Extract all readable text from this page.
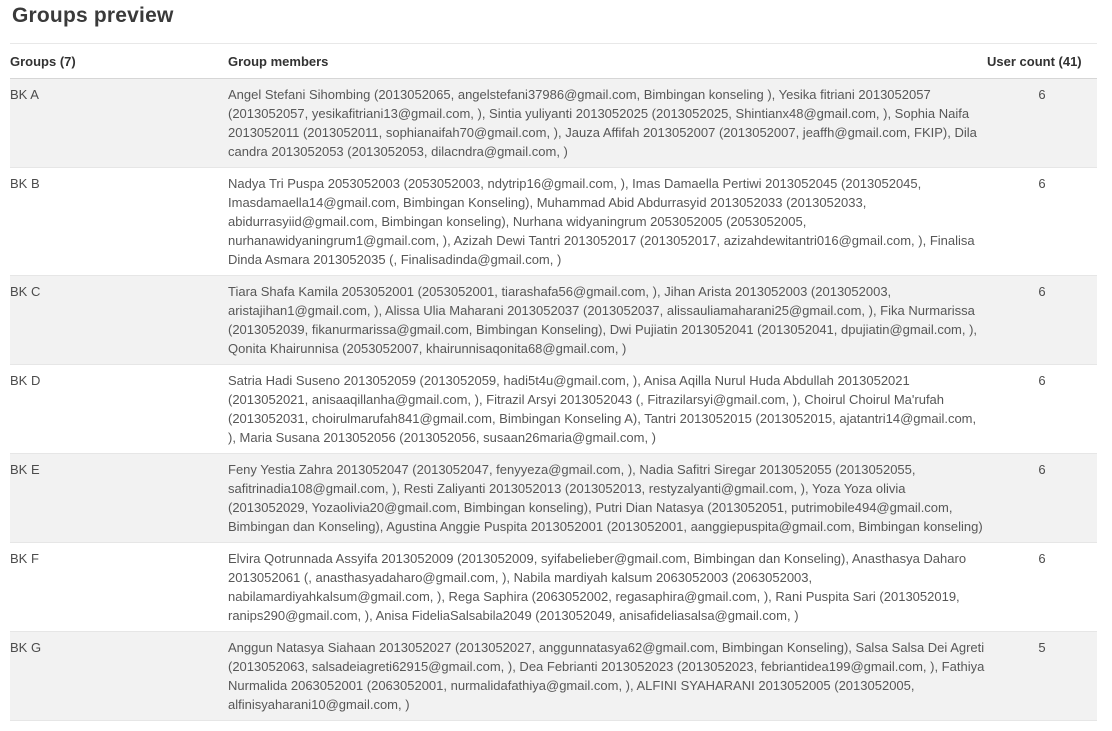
Groups preview
Groups (7)	Group members	User count (41)
BK A	Angel Stefani Sihombing (2013052065, angelstefani37986@gmail.com, Bimbingan konseling ), Yesika fitriani 2013052057 (2013052057, yesikafitriani13@gmail.com, ), Sintia yuliyanti 2013052025 (2013052025, Shintianx48@gmail.com, ), Sophia Naifa 2013052011 (2013052011, sophianaifah70@gmail.com, ), Jauza Affifah 2013052007 (2013052007, jeaffh@gmail.com, FKIP), Dila candra 2013052053 (2013052053, dilacndra@gmail.com, )	6
BK B	Nadya Tri Puspa 2053052003 (2053052003, ndytrip16@gmail.com, ), Imas Damaella Pertiwi 2013052045 (2013052045, Imasdamaella14@gmail.com, Bimbingan Konseling), Muhammad Abid Abdurrasyid 2013052033 (2013052033, abidurrasyiid@gmail.com, Bimbingan konseling), Nurhana widyaningrum 2053052005 (2053052005, nurhanawidyaningrum1@gmail.com, ), Azizah Dewi Tantri 2013052017 (2013052017, azizahdewitantri016@gmail.com, ), Finalisa Dinda Asmara 2013052035 (, Finalisadinda@gmail.com, )	6
BK C	Tiara Shafa Kamila 2053052001 (2053052001, tiarashafa56@gmail.com, ), Jihan Arista 2013052003 (2013052003, aristajihan1@gmail.com, ), Alissa Ulia Maharani 2013052037 (2013052037, alissauliamaharani25@gmail.com, ), Fika Nurmarissa (2013052039, fikanurmarissa@gmail.com, Bimbingan Konseling), Dwi Pujiatin 2013052041 (2013052041, dpujiatin@gmail.com, ), Qonita Khairunnisa (2053052007, khairunnisaqonita68@gmail.com, )	6
BK D	Satria Hadi Suseno 2013052059 (2013052059, hadi5t4u@gmail.com, ), Anisa Aqilla Nurul Huda Abdullah 2013052021 (2013052021, anisaaqillanha@gmail.com, ), Fitrazil Arsyi 2013052043 (, Fitrazilarsyi@gmail.com, ), Choirul Choirul Ma'rufah (2013052031, choirulmarufah841@gmail.com, Bimbingan Konseling A), Tantri 2013052015 (2013052015, ajatantri14@gmail.com, ), Maria Susana 2013052056 (2013052056, susaan26maria@gmail.com, )	6
BK E	Feny Yestia Zahra 2013052047 (2013052047, fenyyeza@gmail.com, ), Nadia Safitri Siregar 2013052055 (2013052055, safitrinadia108@gmail.com, ), Resti Zaliyanti 2013052013 (2013052013, restyzalyanti@gmail.com, ), Yoza Yoza olivia (2013052029, Yozaolivia20@gmail.com, Bimbingan konseling), Putri Dian Natasya (2013052051, putrimobile494@gmail.com, Bimbingan dan Konseling), Agustina Anggie Puspita 2013052001 (2013052001, aanggiepuspita@gmail.com, Bimbingan konseling)	6
BK F	Elvira Qotrunnada Assyifa 2013052009 (2013052009, syifabelieber@gmail.com, Bimbingan dan Konseling), Anasthasya Daharo 2013052061 (, anasthasyadaharo@gmail.com, ), Nabila mardiyah kalsum 2063052003 (2063052003, nabilamardiyahkalsum@gmail.com, ), Rega Saphira (2063052002, regasaphira@gmail.com, ), Rani Puspita Sari (2013052019, ranips290@gmail.com, ), Anisa FideliaSalsabila2049 (2013052049, anisafideliasalsa@gmail.com, )	6
BK G	Anggun Natasya Siahaan 2013052027 (2013052027, anggunnatasya62@gmail.com, Bimbingan Konseling), Salsa Salsa Dei Agreti (2013052063, salsadeiagreti62915@gmail.com, ), Dea Febrianti 2013052023 (2013052023, febriantidea199@gmail.com, ), Fathiya Nurmalida 2063052001 (2063052001, nurmalidafathiya@gmail.com, ), ALFINI SYAHARANI 2013052005 (2013052005, alfinisyaharani10@gmail.com, )	5
